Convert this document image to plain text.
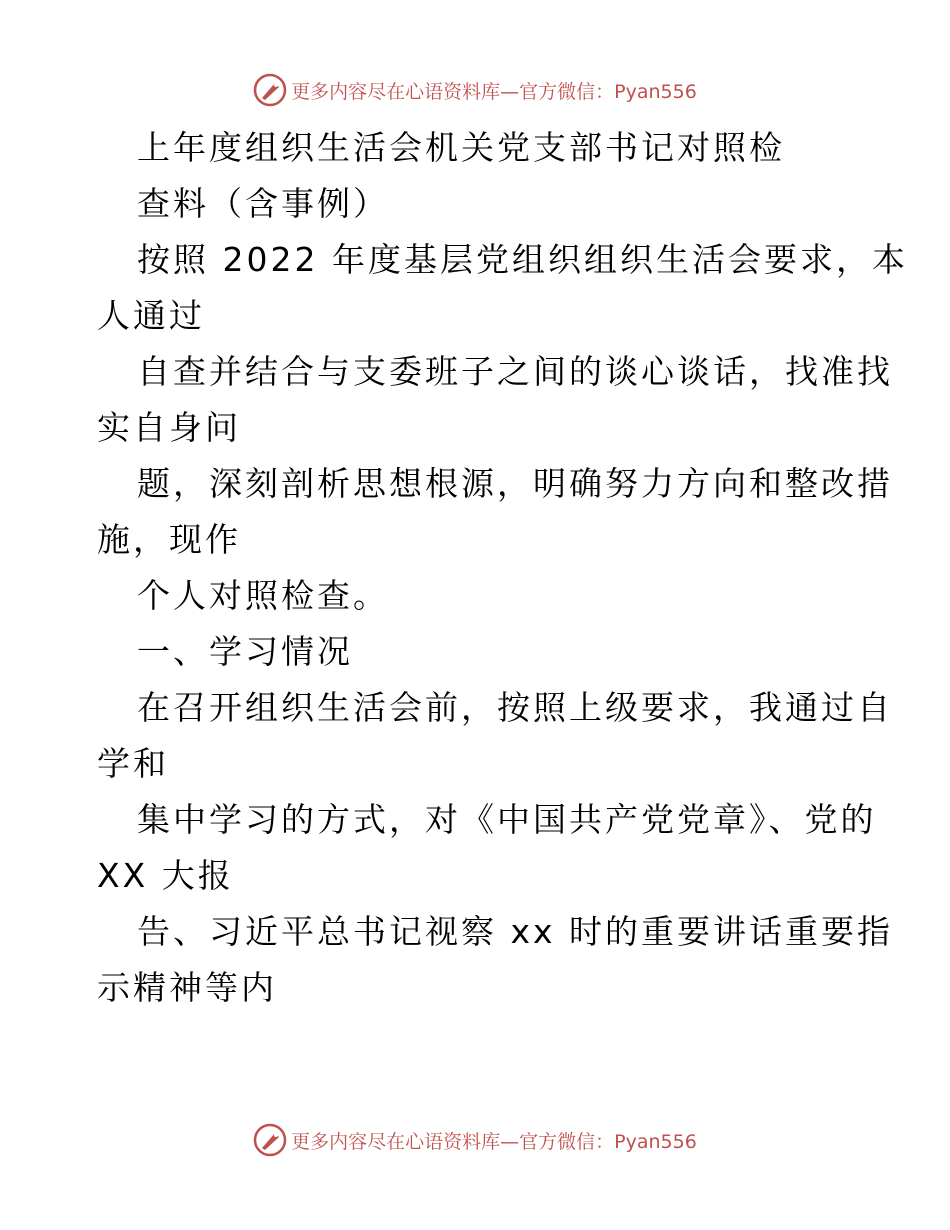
更多内容尽在心语资料库—官方微信：Pyan556
上年度组织生活会机关党支部书记对照检
查料（含事例）
按照 2022 年度基层党组织组织生活会要求，本
人通过
自查并结合与支委班子之间的谈心谈话，找准找
实自身问
题，深刻剖析思想根源，明确努力方向和整改措
施，现作
个人对照检查。
一、学习情况
在召开组织生活会前，按照上级要求，我通过自
学和
集中学习的方式，对《中国共产党党章》、党的
XX 大报
告、习近平总书记视察 xx 时的重要讲话重要指
示精神等内
更多内容尽在心语资料库—官方微信：Pyan556
